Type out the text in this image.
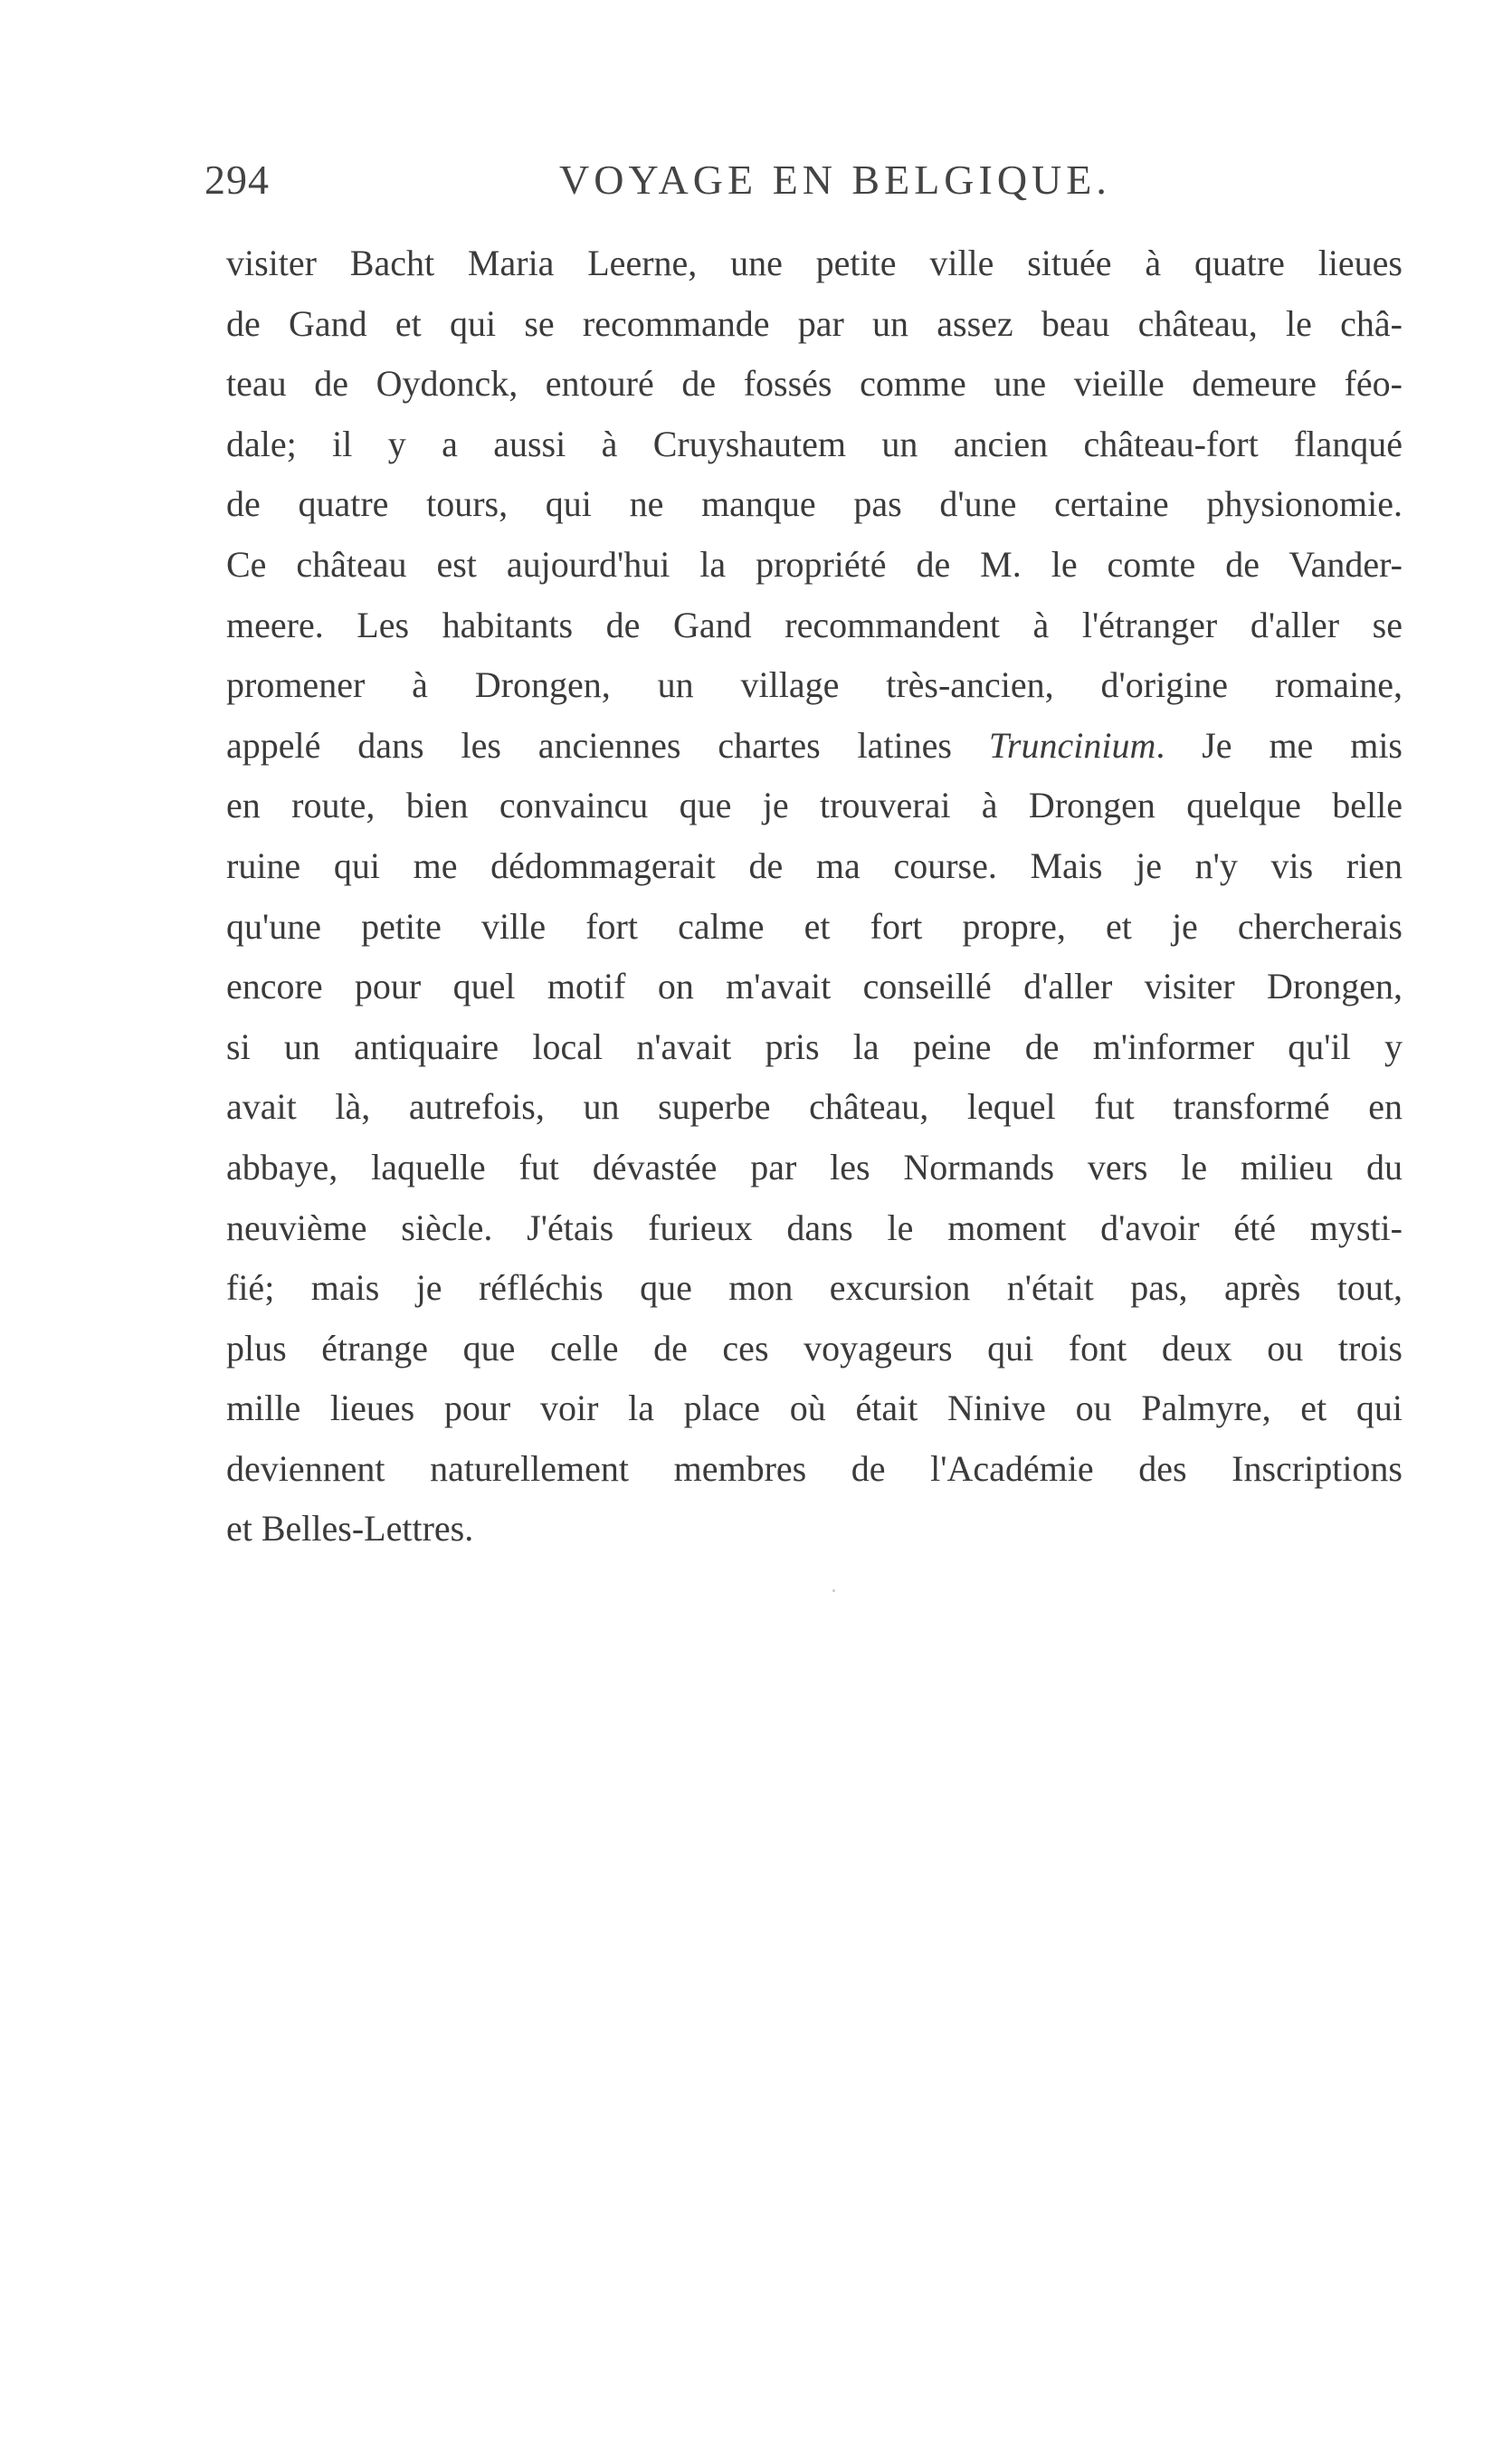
294	VOYAGE EN BELGIQUE.
visiter Bacht Maria Leerne, une petite ville située à quatre lieues
de Gand et qui se recommande par un assez beau château, le châ-
teau de Oydonck, entouré de fossés comme une vieille demeure féo-
dale; il y a aussi à Cruyshautem un ancien château-fort flanqué
de quatre tours, qui ne manque pas d'une certaine physionomie.
Ce château est aujourd'hui la propriété de M. le comte de Vander-
meere. Les habitants de Gand recommandent à l'étranger d'aller se
promener à Drongen, un village très-ancien, d'origine romaine,
appelé dans les anciennes chartes latines Truncinium. Je me mis
en route, bien convaincu que je trouverai à Drongen quelque belle
ruine qui me dédommagerait de ma course. Mais je n'y vis rien
qu'une petite ville fort calme et fort propre, et je chercherais
encore pour quel motif on m'avait conseillé d'aller visiter Drongen,
si un antiquaire local n'avait pris la peine de m'informer qu'il y
avait là, autrefois, un superbe château, lequel fut transformé en
abbaye, laquelle fut dévastée par les Normands vers le milieu du
neuvième siècle. J'étais furieux dans le moment d'avoir été mysti-
fié; mais je réfléchis que mon excursion n'était pas, après tout,
plus étrange que celle de ces voyageurs qui font deux ou trois
mille lieues pour voir la place où était Ninive ou Palmyre, et qui
deviennent naturellement membres de l'Académie des Inscriptions
et Belles-Lettres.
